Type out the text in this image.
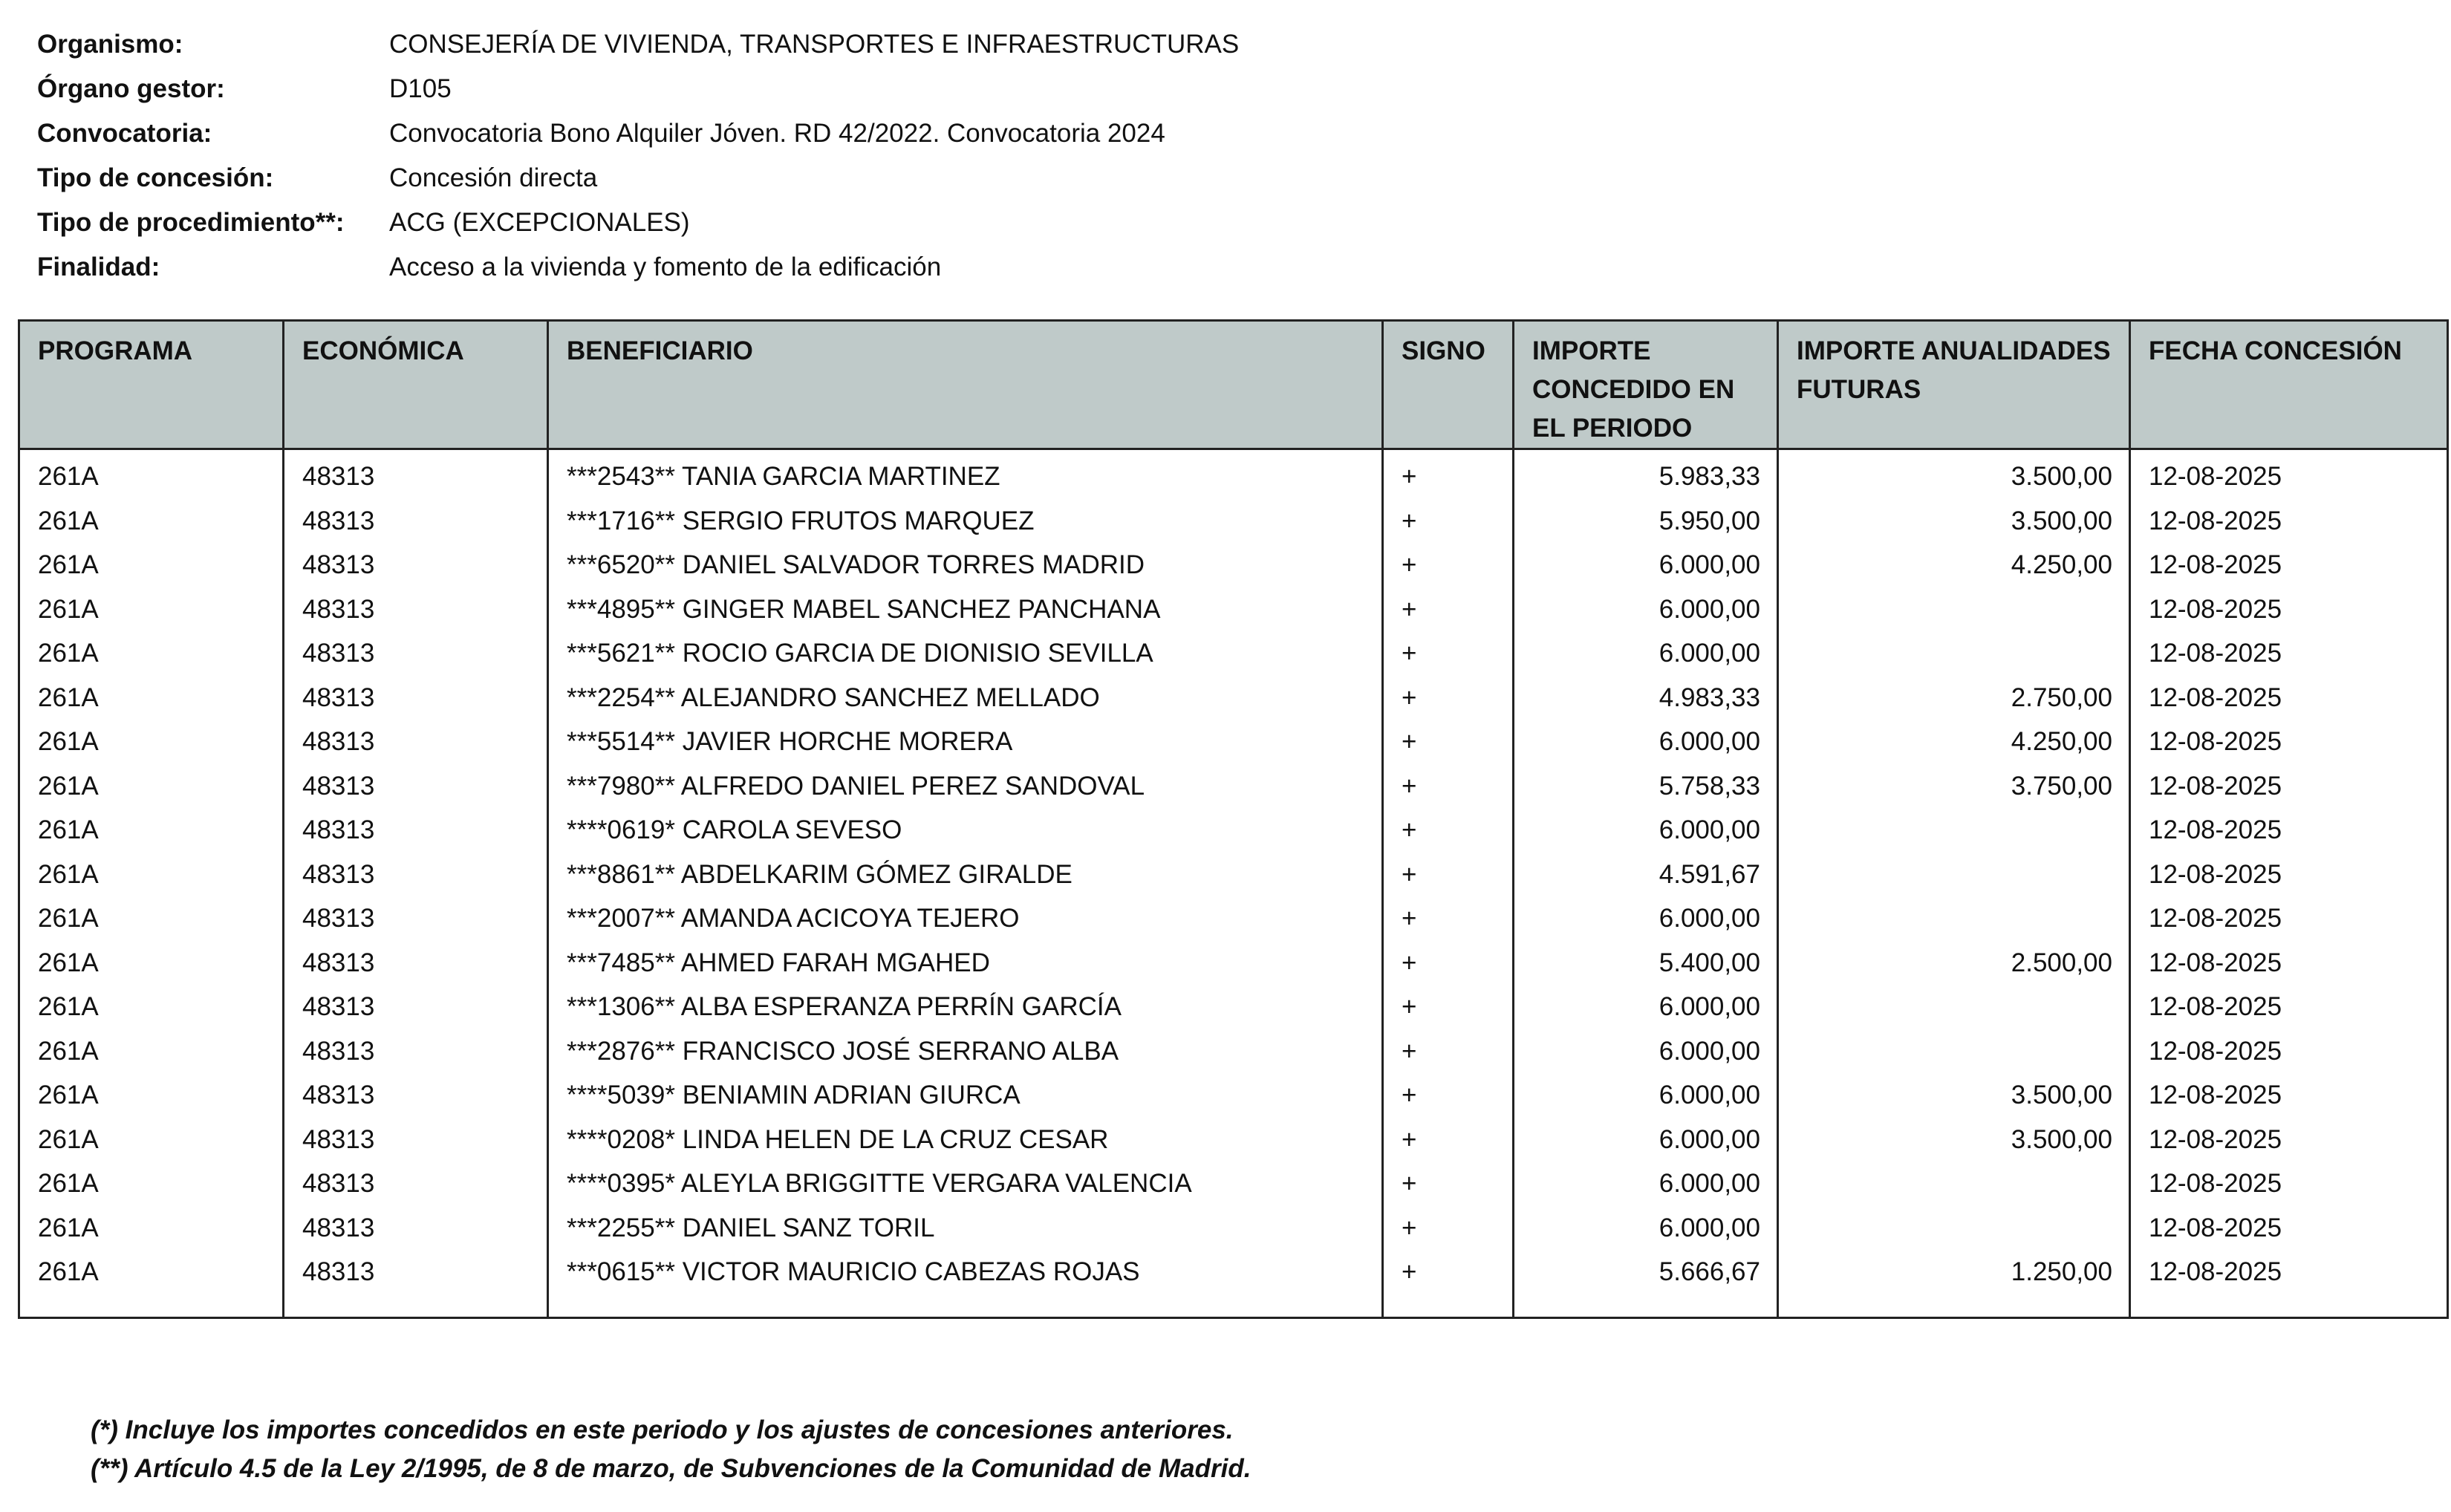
Organismo:	CONSEJERÍA DE VIVIENDA, TRANSPORTES E INFRAESTRUCTURAS
Órgano gestor:	D105
Convocatoria:	Convocatoria Bono Alquiler Jóven. RD 42/2022. Convocatoria 2024
Tipo de concesión:	Concesión directa
Tipo de procedimiento**:	ACG (EXCEPCIONALES)
Finalidad:	Acceso a la vivienda y fomento de la edificación
PROGRAMA	ECONÓMICA	BENEFICIARIO	SIGNO	IMPORTE CONCEDIDO EN EL PERIODO	IMPORTE ANUALIDADES FUTURAS	FECHA CONCESIÓN
261A	48313	***2543** TANIA GARCIA MARTINEZ	+	5.983,33	3.500,00	12-08-2025
261A	48313	***1716** SERGIO FRUTOS MARQUEZ	+	5.950,00	3.500,00	12-08-2025
261A	48313	***6520** DANIEL SALVADOR TORRES MADRID	+	6.000,00	4.250,00	12-08-2025
261A	48313	***4895** GINGER MABEL SANCHEZ PANCHANA	+	6.000,00		12-08-2025
261A	48313	***5621** ROCIO GARCIA DE DIONISIO SEVILLA	+	6.000,00		12-08-2025
261A	48313	***2254** ALEJANDRO SANCHEZ MELLADO	+	4.983,33	2.750,00	12-08-2025
261A	48313	***5514** JAVIER HORCHE MORERA	+	6.000,00	4.250,00	12-08-2025
261A	48313	***7980** ALFREDO DANIEL PEREZ SANDOVAL	+	5.758,33	3.750,00	12-08-2025
261A	48313	****0619* CAROLA SEVESO	+	6.000,00		12-08-2025
261A	48313	***8861** ABDELKARIM GÓMEZ GIRALDE	+	4.591,67		12-08-2025
261A	48313	***2007** AMANDA ACICOYA TEJERO	+	6.000,00		12-08-2025
261A	48313	***7485** AHMED FARAH MGAHED	+	5.400,00	2.500,00	12-08-2025
261A	48313	***1306** ALBA ESPERANZA PERRÍN GARCÍA	+	6.000,00		12-08-2025
261A	48313	***2876** FRANCISCO JOSÉ SERRANO ALBA	+	6.000,00		12-08-2025
261A	48313	****5039* BENIAMIN ADRIAN GIURCA	+	6.000,00	3.500,00	12-08-2025
261A	48313	****0208* LINDA HELEN DE LA CRUZ CESAR	+	6.000,00	3.500,00	12-08-2025
261A	48313	****0395* ALEYLA BRIGGITTE VERGARA VALENCIA	+	6.000,00		12-08-2025
261A	48313	***2255** DANIEL SANZ TORIL	+	6.000,00		12-08-2025
261A	48313	***0615** VICTOR MAURICIO CABEZAS ROJAS	+	5.666,67	1.250,00	12-08-2025

(*) Incluye los importes concedidos en este periodo y los ajustes de concesiones anteriores.
(**) Artículo 4.5 de la Ley 2/1995, de 8 de marzo, de Subvenciones de la Comunidad de Madrid.
